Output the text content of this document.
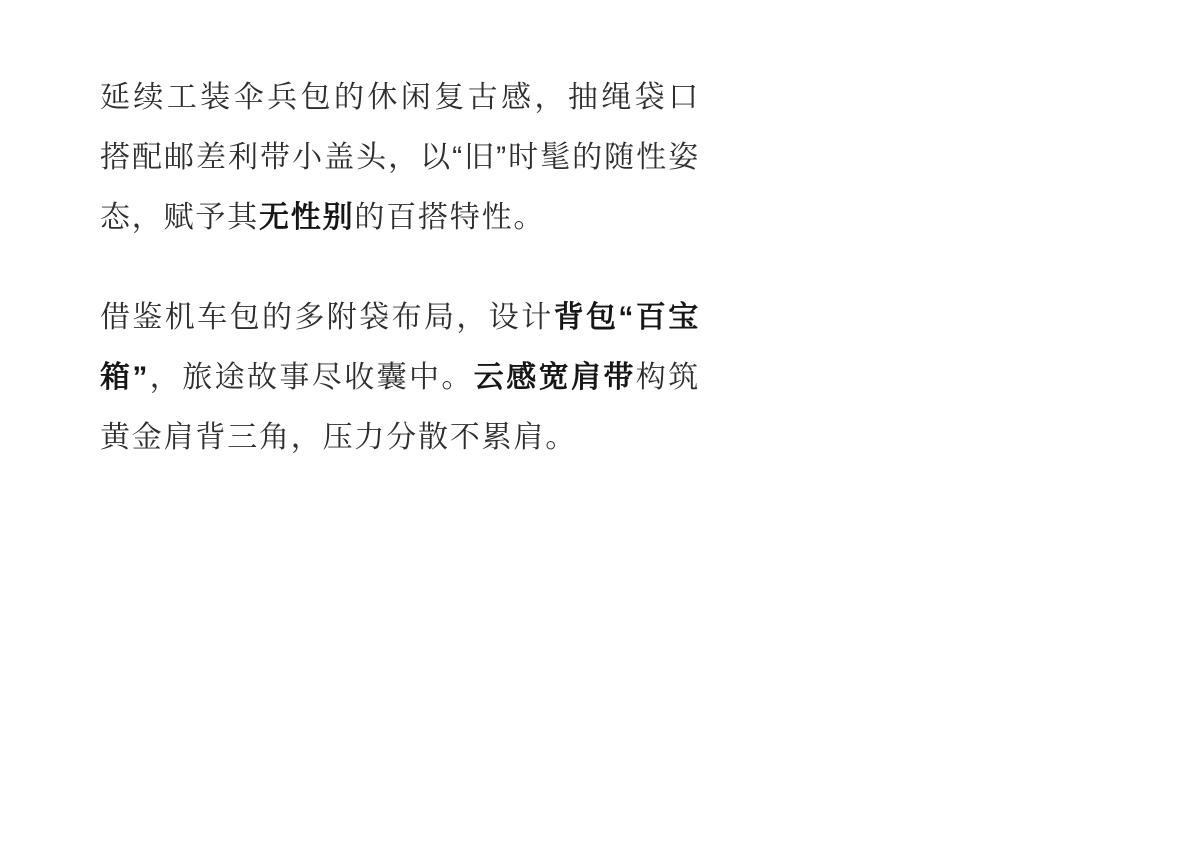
延续工装伞兵包的休闲复古感，抽绳袋口搭配邮差利带小盖头，以“旧”时髦的随性姿态，赋予其无性别的百搭特性。

借鉴机车包的多附袋布局，设计背包“百宝箱”，旅途故事尽收囊中。云感宽肩带构筑黄金肩背三角，压力分散不累肩。
